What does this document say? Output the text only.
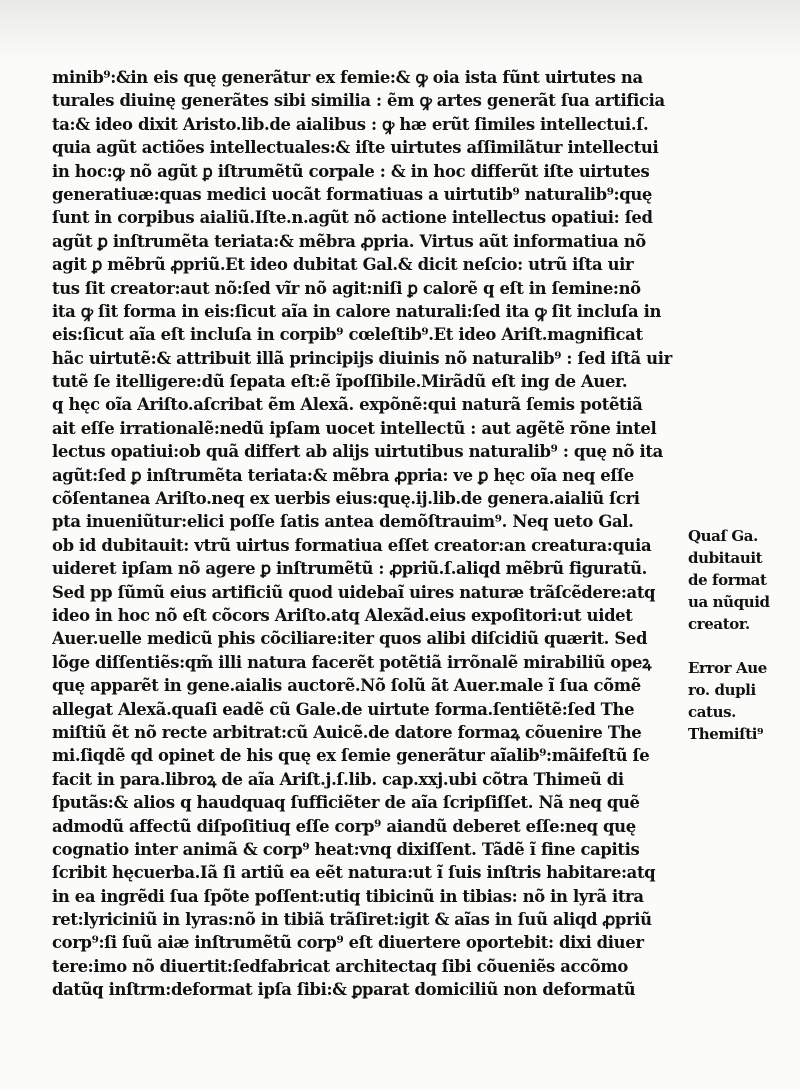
minib⁹:&in eis quę generãtur ex femie:& ꝙ oia ista fũnt uirtutes na
turales diuinę generãtes sibi similia : ẽm ꝙ artes generãt ſua artificia
ta:& ideo dixit Aristo.lib.de aialibus : ꝙ hæ erũt ſimiles intellectui.ſ.
quia agũt actiões intellectuales:& iſte uirtutes aſſimilãtur intellectui
in hoc:ꝙ nõ agũt ꝑ iſtrumẽtũ corpale : & in hoc differũt iſte uirtutes
generatiuæ:quas medici uocãt formatiuas a uirtutib⁹ naturalib⁹:quę
ſunt in corpibus aialiũ.Iſte.n.agũt nõ actione intellectus opatiui: ſed
agũt ꝑ inſtrumẽta teriata:& mẽbra ꝓpria. Virtus aũt informatiua nõ
agit ꝑ mẽbrũ ꝓpriũ.Et ideo dubitat Gal.& dicit neſcio: utrũ iſta uir
tus ſit creator:aut nõ:ſed vĩr nõ agit:niſi ꝑ calorẽ q eſt in ſemine:nõ
ita ꝙ ſit forma in eis:ſicut aĩa in calore naturali:ſed ita ꝙ ſit incluſa in
eis:ſicut aĩa eſt incluſa in corpib⁹ cœleſtib⁹.Et ideo Ariſt.magnificat
hãc uirtutẽ:& attribuit illã principijs diuinis nõ naturalib⁹ : ſed iſtã uir
tutẽ ſe itelligere:dũ ſepata eſt:ẽ ĩpoſſibile.Mirãdũ eſt ing de Auer.
q hęc oĩa Ariſto.aſcribat ẽm Alexã. expõnẽ:qui naturã ſemis potẽtiã
ait eſſe irrationalẽ:nedũ ipſam uocet intellectũ : aut agẽtẽ rõne intel
lectus opatiui:ob quã differt ab alijs uirtutibus naturalib⁹ : quę nõ ita
agũt:ſed ꝑ inſtrumẽta teriata:& mẽbra ꝓpria: ve ꝑ hęc oĩa neq eſſe
cõſentanea Ariſto.neq ex uerbis eius:quę.ij.lib.de genera.aialiũ ſcri
pta inueniũtur:elici poſſe ſatis antea demõſtrauim⁹. Neq ueto Gal.
ob id dubitauit: vtrũ uirtus formatiua eſſet creator:an creatura:quia
uideret ipſam nõ agere ꝑ inſtrumẽtũ : ꝓpriũ.ſ.aliqd mẽbrũ figuratũ.
Sed pp ſũmũ eius artificiũ quod uidebaĩ uires naturæ trãſcẽdere:atq
ideo in hoc nõ eſt cõcors Ariſto.atq Alexãd.eius expoſitori:ut uidet
Auer.uelle medicũ phis cõciliare:iter quos alibi diſcidiũ quærit. Sed
lõge diſſentiẽs:qm̃ illi natura facerẽt potẽtiã irrõnalẽ mirabiliũ opeꝝ
quę apparẽt in gene.aialis auctorẽ.Nõ ſolũ ãt Auer.male ĩ ſua cõmẽ
allegat Alexã.quaſi eadẽ cũ Gale.de uirtute forma.ſentiẽtẽ:ſed The
miſtiũ ẽt nõ recte arbitrat:cũ Auicẽ.de datore formaꝝ cõuenire The
mi.ſiqdẽ qd opinet de his quę ex ſemie generãtur aĩalib⁹:mãifeſtũ ſe
facit in para.libroꝝ de aĩa Ariſt.j.ſ.lib. cap.xxj.ubi cõtra Thimeũ di
ſputãs:& alios q haudquaq ſufficiẽter de aĩa ſcripſiſſet. Nã neq quẽ
admodũ affectũ diſpoſitiuq eſſe corp⁹ aiandũ deberet eſſe:neq quę
cognatio inter animã & corp⁹ heat:vnq dixiſſent. Tãdẽ ĩ fine capitis
ſcribit hęcuerba.Iã ſi artiũ ea eẽt natura:ut ĩ ſuis inſtris habitare:atq
in ea ingrẽdi ſua ſpõte poſſent:utiq tibicinũ in tibias: nõ in lyrã itra
ret:lyriciniũ in lyras:nõ in tibiã trãſiret:igit & aĩas in ſuũ aliqd ꝓpriũ
corp⁹:ſi ſuũ aiæ inſtrumẽtũ corp⁹ eſt diuertere oportebit: dixi diuer
tere:imo nõ diuertit:ſedfabricat architectaq ſibi cõueniẽs accõmo
datũq inſtrm:deformat ipſa ſibi:& ꝑparat domiciliũ non deformatũ
Quaſ Ga.
dubitauit
de format
ua nũquid
creator.
Error Aue
ro. dupli
catus.
Themiſti⁹
